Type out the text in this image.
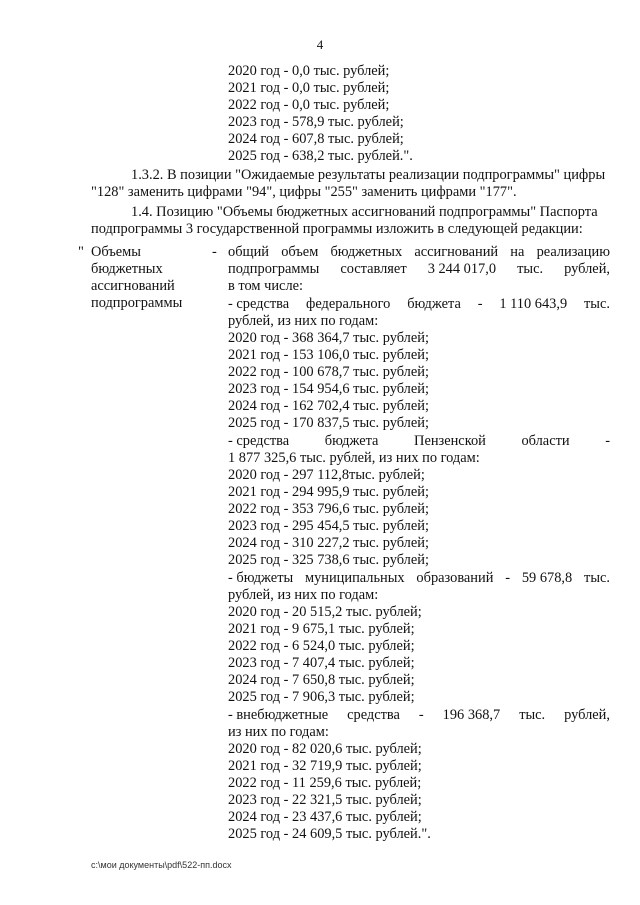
4
2020 год - 0,0 тыс. рублей;
2021 год - 0,0 тыс. рублей;
2022 год - 0,0 тыс. рублей;
2023 год - 578,9 тыс. рублей;
2024 год - 607,8 тыс. рублей;
2025 год - 638,2 тыс. рублей.".
1.3.2. В позиции "Ожидаемые результаты реализации подпрограммы" цифры
"128" заменить цифрами "94", цифры "255" заменить цифрами "177".
1.4. Позицию "Объемы бюджетных ассигнований подпрограммы" Паспорта
подпрограммы 3 государственной программы изложить в следующей редакции:
" Объемы
бюджетных
ассигнований
подпрограммы
- общий объем бюджетных ассигнований на реализацию
подпрограммы составляет 3 244 017,0 тыс. рублей,
в том числе:
- средства федерального бюджета - 1 110 643,9 тыс.
рублей, из них по годам:
2020 год - 368 364,7 тыс. рублей;
2021 год - 153 106,0 тыс. рублей;
2022 год - 100 678,7 тыс. рублей;
2023 год - 154 954,6 тыс. рублей;
2024 год - 162 702,4 тыс. рублей;
2025 год - 170 837,5 тыс. рублей;
- средства бюджета Пензенской области -
1 877 325,6 тыс. рублей, из них по годам:
2020 год - 297 112,8тыс. рублей;
2021 год - 294 995,9 тыс. рублей;
2022 год - 353 796,6 тыс. рублей;
2023 год - 295 454,5 тыс. рублей;
2024 год - 310 227,2 тыс. рублей;
2025 год - 325 738,6 тыс. рублей;
- бюджеты муниципальных образований - 59 678,8 тыс.
рублей, из них по годам:
2020 год - 20 515,2 тыс. рублей;
2021 год - 9 675,1 тыс. рублей;
2022 год - 6 524,0 тыс. рублей;
2023 год - 7 407,4 тыс. рублей;
2024 год - 7 650,8 тыс. рублей;
2025 год - 7 906,3 тыс. рублей;
- внебюджетные средства - 196 368,7 тыс. рублей,
из них по годам:
2020 год - 82 020,6 тыс. рублей;
2021 год - 32 719,9 тыс. рублей;
2022 год - 11 259,6 тыс. рублей;
2023 год - 22 321,5 тыс. рублей;
2024 год - 23 437,6 тыс. рублей;
2025 год - 24 609,5 тыс. рублей.".
c:\мои документы\pdf\522-пп.docx
